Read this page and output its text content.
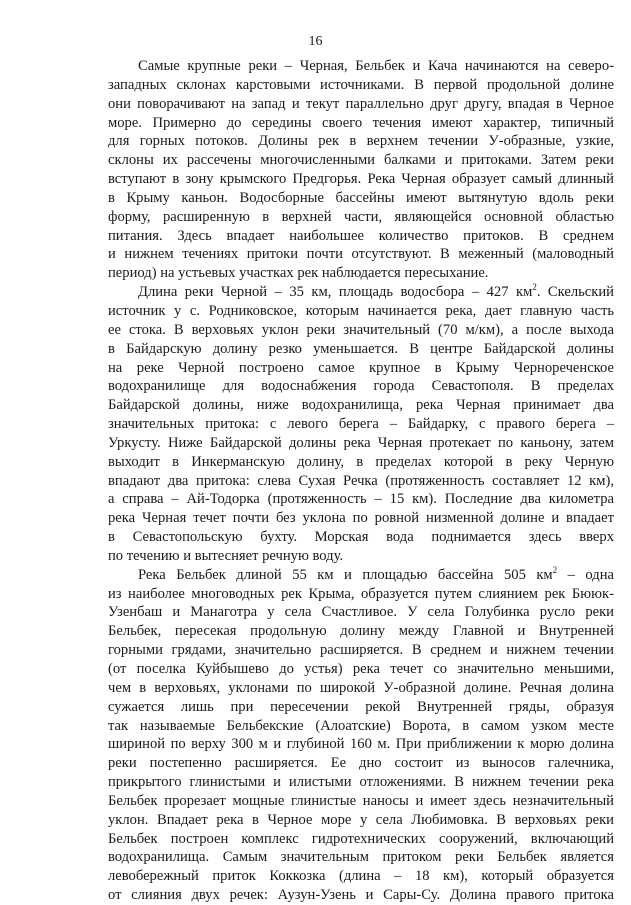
16
Самые крупные реки – Черная, Бельбек и Кача начинаются на северо-
западных склонах карстовыми источниками. В первой продольной долине
они поворачивают на запад и текут параллельно друг другу, впадая в Черное
море. Примерно до середины своего течения имеют характер, типичный
для горных потоков. Долины рек в верхнем течении У-образные, узкие,
склоны их рассечены многочисленными балками и притоками. Затем реки
вступают в зону крымского Предгорья. Река Черная образует самый длинный
в Крыму каньон. Водосборные бассейны имеют вытянутую вдоль реки
форму, расширенную в верхней части, являющейся основной областью
питания. Здесь впадает наибольшее количество притоков. В среднем
и нижнем течениях притоки почти отсутствуют. В меженный (маловодный
период) на устьевых участках рек наблюдается пересыхание.
Длина реки Черной – 35 км, площадь водосбора – 427 $км^2$. Скельский
источник у с. Родниковское, которым начинается река, дает главную часть
ее стока. В верховьях уклон реки значительный (70 м/км), а после выхода
в Байдарскую долину резко уменьшается. В центре Байдарской долины
на реке Черной построено самое крупное в Крыму Чернореченское
водохранилище для водоснабжения города Севастополя. В пределах
Байдарской долины, ниже водохранилища, река Черная принимает два
значительных притока: с левого берега – Байдарку, с правого берега –
Уркусту. Ниже Байдарской долины река Черная протекает по каньону, затем
выходит в Инкерманскую долину, в пределах которой в реку Черную
впадают два притока: слева Сухая Речка (протяженность составляет 12 км),
а справа – Ай-Тодорка (протяженность – 15 км). Последние два километра
река Черная течет почти без уклона по ровной низменной долине и впадает
в Севастопольскую бухту. Морская вода поднимается здесь вверх
по течению и вытесняет речную воду.
Река Бельбек длиной 55 км и площадью бассейна 505 $км^2$ – одна
из наиболее многоводных рек Крыма, образуется путем слиянием рек Бююк-
Узенбаш и Манаготра у села Счастливое. У села Голубинка русло реки
Бельбек, пересекая продольную долину между Главной и Внутренней
горными грядами, значительно расширяется. В среднем и нижнем течении
(от поселка Куйбышево до устья) река течет со значительно меньшими,
чем в верховьях, уклонами по широкой У-образной долине. Речная долина
сужается лишь при пересечении рекой Внутренней гряды, образуя
так называемые Бельбекские (Алоатские) Ворота, в самом узком месте
шириной по верху 300 м и глубиной 160 м. При приближении к морю долина
реки постепенно расширяется. Ее дно состоит из выносов галечника,
прикрытого глинистыми и илистыми отложениями. В нижнем течении река
Бельбек прорезает мощные глинистые наносы и имеет здесь незначительный
уклон. Впадает река в Черное море у села Любимовка. В верховьях реки
Бельбек построен комплекс гидротехнических сооружений, включающий
водохранилища. Самым значительным притоком реки Бельбек является
левобережный приток Коккозка (длина – 18 км), который образуется
от слияния двух речек: Аузун-Узень и Сары-Су. Долина правого притока
